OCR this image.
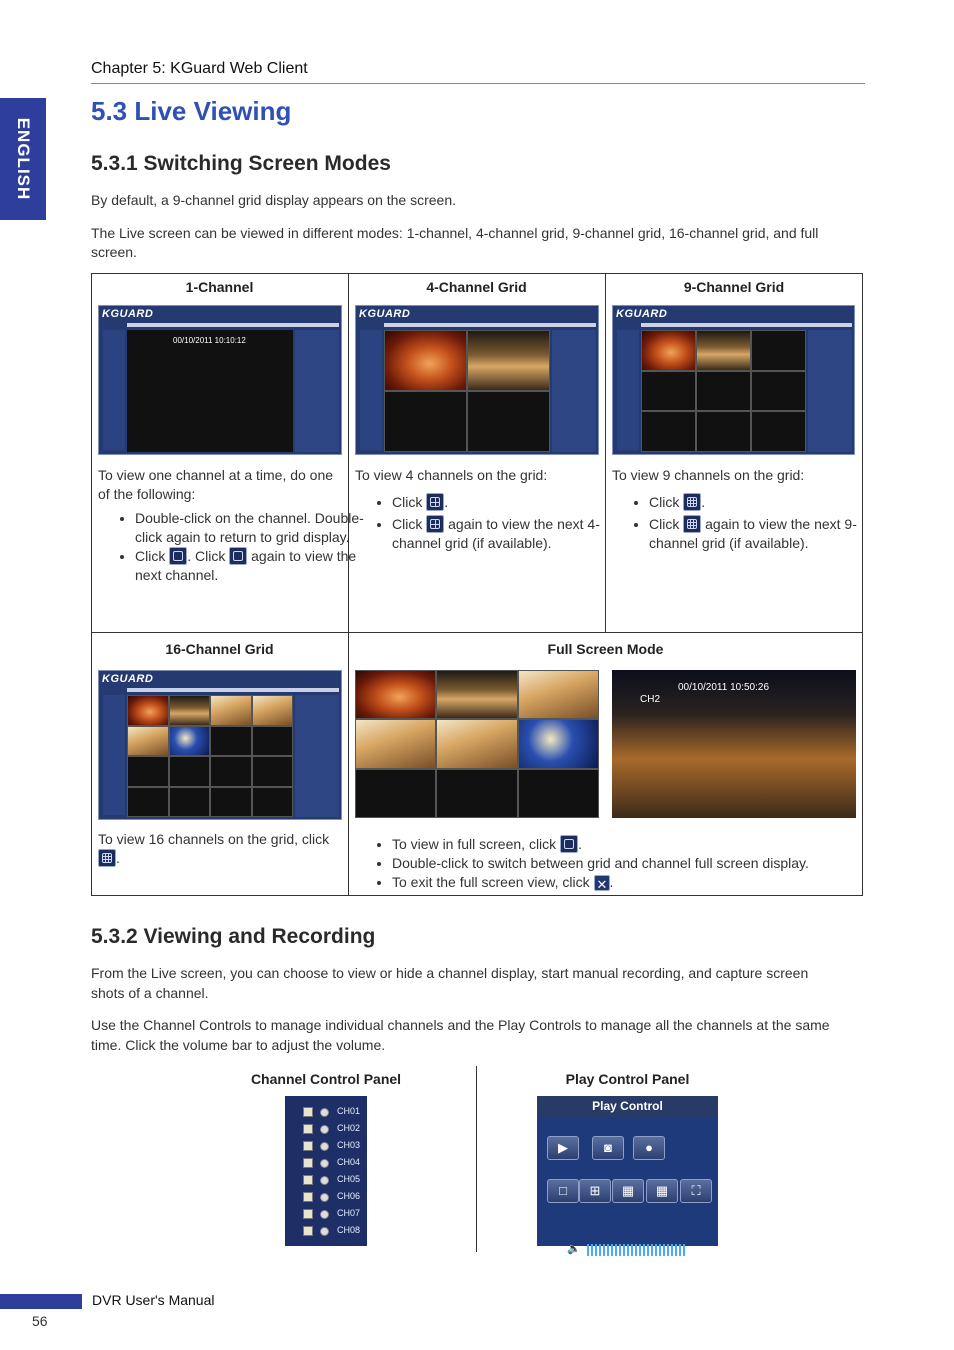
Chapter 5: KGuard Web Client
ENGLISH
5.3 Live Viewing
5.3.1 Switching Screen Modes

By default, a 9-channel grid display appears on the screen.

The Live screen can be viewed in different modes: 1-channel, 4-channel grid, 9-channel grid, 16-channel grid, and full

screen.

1-Channel	4-Channel Grid	9-Channel Grid
16-Channel Grid	Full Screen Mode
KGUARD
00/10/2011 10:10:12
KGUARD	KGUARD

To view one channel at a time, do one of the following:

• Double-click on the channel. Double-click again to return to grid display.
• Click . Click again to view the next channel.

To view 4 channels on the grid:

• Click .
• Click again to view the next 4-channel grid (if available).

To view 9 channels on the grid:

• Click .
• Click again to view the next 9-channel grid (if available).
KGUARD
00/10/2011 10:50:26
CH2

To view 16 channels on the grid, click .

• To view in full screen, click .
• Double-click to switch between grid and channel full screen display.
• To exit the full screen view, click ✕ .
5.3.2 Viewing and Recording

From the Live screen, you can choose to view or hide a channel display, start manual recording, and capture screen

shots of a channel.

Use the Channel Controls to manage individual channels and the Play Controls to manage all the channels at the same

time. Click the volume bar to adjust the volume.

Channel Control Panel	Play Control Panel
CH01
CH02
CH03
CH04
CH05
CH06
CH07
CH08
▶	◙	●
□	⊞	▦	▦	⛶
🔈
Play Control
DVR User's Manual
56
